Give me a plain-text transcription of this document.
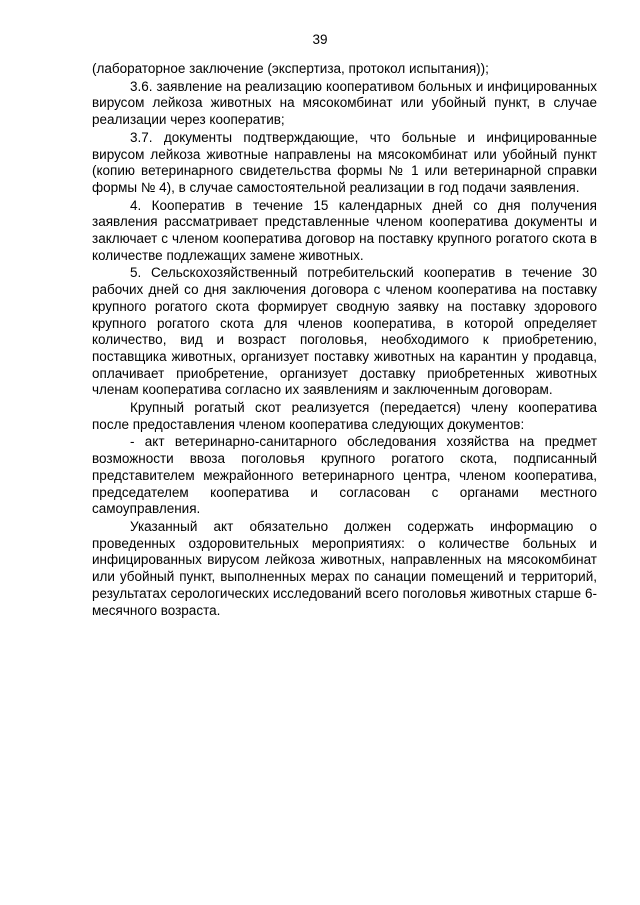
39

(лабораторное заключение (экспертиза, протокол испытания));

3.6. заявление на реализацию кооперативом больных и инфицированных вирусом лейкоза животных на мясокомбинат или убойный пункт, в случае реализации через кооператив;

3.7. документы подтверждающие, что больные и инфицированные вирусом лейкоза животные направлены на мясокомбинат или убойный пункт (копию ветеринарного свидетельства формы № 1 или ветеринарной справки формы № 4), в случае самостоятельной реализации в год подачи заявления.

4. Кооператив в течение 15 календарных дней со дня получения заявления рассматривает представленные членом кооператива документы и заключает с членом кооператива договор на поставку крупного рогатого скота в количестве подлежащих замене животных.

5. Сельскохозяйственный потребительский кооператив в течение 30 рабочих дней со дня заключения договора с членом кооператива на поставку крупного рогатого скота формирует сводную заявку на поставку здорового крупного рогатого скота для членов кооператива, в которой определяет количество, вид и возраст поголовья, необходимого к приобретению, поставщика животных, организует поставку животных на карантин у продавца, оплачивает приобретение, организует доставку приобретенных животных членам кооператива согласно их заявлениям и заключенным договорам.

Крупный рогатый скот реализуется (передается) члену кооператива после предоставления членом кооператива следующих документов:

- акт ветеринарно-санитарного обследования хозяйства на предмет возможности ввоза поголовья крупного рогатого скота, подписанный представителем межрайонного ветеринарного центра, членом кооператива, председателем кооператива и согласован с органами местного самоуправления.

Указанный акт обязательно должен содержать информацию о проведенных оздоровительных мероприятиях: о количестве больных и инфицированных вирусом лейкоза животных, направленных на мясокомбинат или убойный пункт, выполненных мерах по санации помещений и территорий, результатах серологических исследований всего поголовья животных старше 6-месячного возраста.
